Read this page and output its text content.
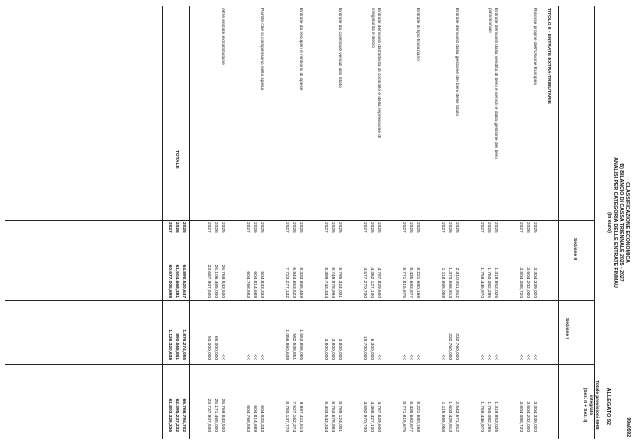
99a0592
ALLEGATO 92
CLASSIFICAZIONE ECONOMICA
B) BILANCIO DI CASSA TRIENNALE 2025 - 2027
ANALISI PER CATEGORIA DELLE ENTRATE FINMAU
(in euro)
Sezione II
Sezione I
Totale previsioni NHB
integrato
(Sez. II + Sez. I)
TITOLO II - ENTRATE EXTRA-TRIBUTARIE
Risorse proprie dell'Unione Europea
2025
3.304.339,020
<<
3.304.339,020
2026
3.604.202,000
<<
3.604.202,000
2027
3.804.088,720
<<
3.804.088,720
Entrate derivanti dalla vendita di beni e servizi e dalla gestione dei beni
patrimoniali
2025
1.318.853,026
<<
1.318.853,026
2026
1.760.082,285
<<
1.760.082,285
2027
1.759.446,970
<<
1.759.446,970
Entrate derivanti dalla gestione dei beni dello Stato
2025
2.310.911,912
232.760,000
2.543.671,912
2026
1.370.668,913
232.760,000
1.603.428,913
2027
1.118.865,058
<<
1.118.865,058
Entrate di tipo finanziario
2025
8.221.680,168
<<
8.221.680,168
2026
8.435.693,877
<<
8.435.693,877
2027
8.771.815,675
<<
8.771.815,675
Entrate derivanti dall'attività di controllo e della repressione di
irregolarità e illeciti
2025
4.787.829,600
<<
4.787.829,600
2026
4.362.127,100
6.300,000
4.368.427,100
2027
4.577.270,700
15.700,000
4.592.970,700
Entrate da contributi versati allo Stato
2025
8.785.324,001
3.800,000
8.789.124,001
2026
8.749.878,994
3.800,000
8.753.678,994
2027
8.399.743,334
3.800,000
8.403.543,334
Entrate da recuperi e rimborsi di spese
2025
8.333.865,459
1.553.856,055
9.887.411,514
2026
6.944.653,523
582.508,851
7.527.162,374
2027
7.723.277,132
1.056.860,638
8.780.137,770
Partite che si compensano nella spesa
2025
604.833,333
<<
604.833,333
2026
604.814,689
<<
604.814,689
2027
604.768,583
<<
604.768,583
Altre entrate extratributarie
2025
26.769.843,500
<<
26.769.843,500
2026
25.106.465,000
65.000,000
25.171.465,000
2027
23.687.907,500
50.000,000
23.737.907,500
TOTALE
2025
64.890.520,647
1.876.274,055
66.766.794,702
2026
61.504.668,381
890.568,851
62.395.237,232
2027
60.677.005,698
1.126.320,638
61.803.326,336
